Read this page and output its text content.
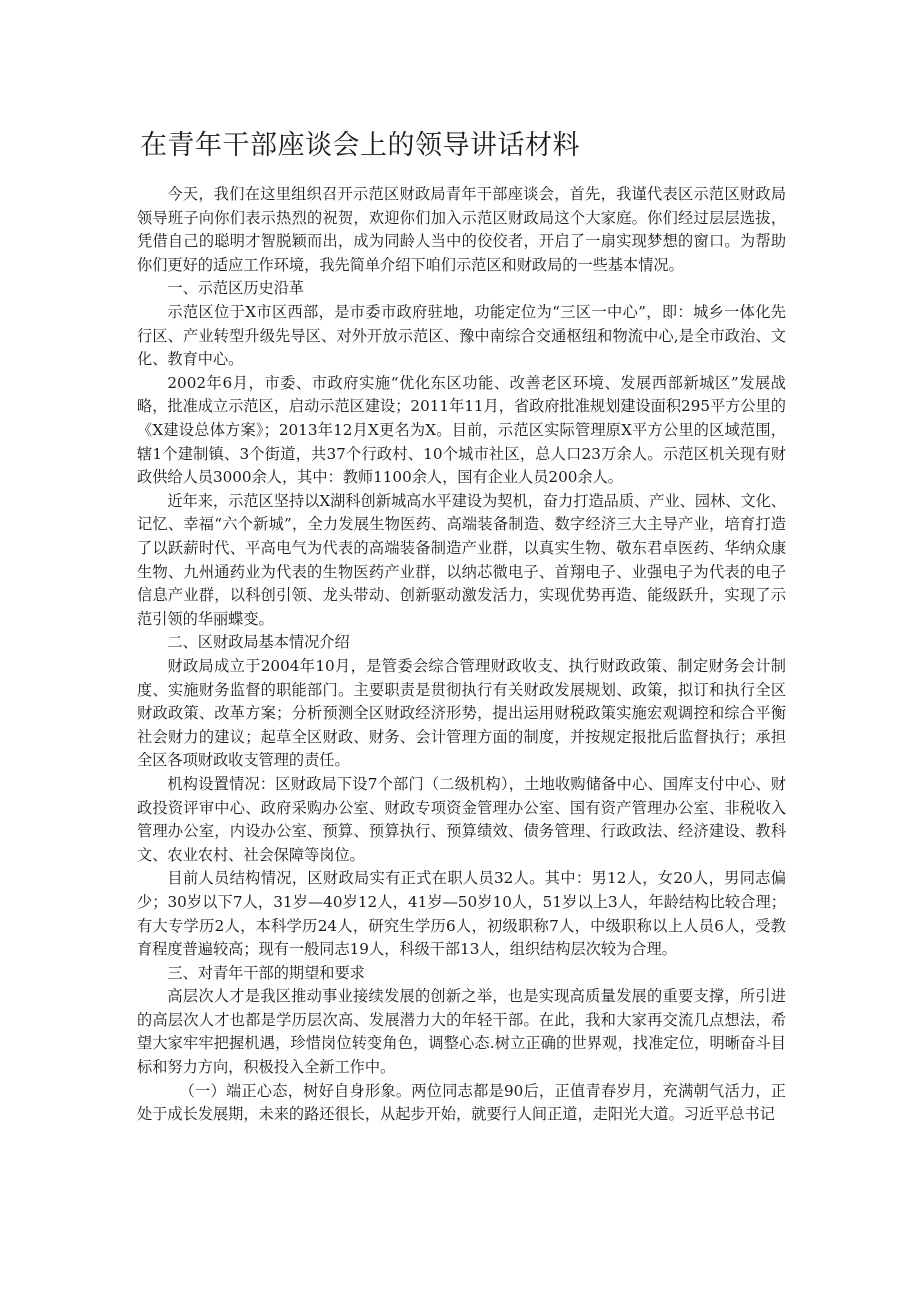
在青年干部座谈会上的领导讲话材料

今天，我们在这里组织召开示范区财政局青年干部座谈会，首先，我谨代表区示范区财政局领导班子向你们表示热烈的祝贺，欢迎你们加入示范区财政局这个大家庭。你们经过层层选拔，凭借自己的聪明才智脱颖而出，成为同龄人当中的佼佼者，开启了一扇实现梦想的窗口。为帮助你们更好的适应工作环境，我先简单介绍下咱们示范区和财政局的一些基本情况。

一、示范区历史沿革

示范区位于X市区西部，是市委市政府驻地，功能定位为“三区一中心”，即：城乡一体化先行区、产业转型升级先导区、对外开放示范区、豫中南综合交通枢纽和物流中心,是全市政治、文化、教育中心。

2002年6月，市委、市政府实施“优化东区功能、改善老区环境、发展西部新城区”发展战略，批准成立示范区，启动示范区建设；2011年11月，省政府批准规划建设面积295平方公里的《X建设总体方案》；2013年12月X更名为X。目前，示范区实际管理原X平方公里的区域范围，辖1个建制镇、3个街道，共37个行政村、10个城市社区，总人口23万余人。示范区机关现有财政供给人员3000余人，其中：教师1100余人，国有企业人员200余人。

近年来，示范区坚持以X湖科创新城高水平建设为契机，奋力打造品质、产业、园林、文化、记忆、幸福“六个新城”，全力发展生物医药、高端装备制造、数字经济三大主导产业，培育打造了以跃薪时代、平高电气为代表的高端装备制造产业群，以真实生物、敬东君卓医药、华纳众康生物、九州通药业为代表的生物医药产业群，以纳芯微电子、首翔电子、业强电子为代表的电子信息产业群，以科创引领、龙头带动、创新驱动激发活力，实现优势再造、能级跃升，实现了示范引领的华丽蝶变。

二、区财政局基本情况介绍

财政局成立于2004年10月，是管委会综合管理财政收支、执行财政政策、制定财务会计制度、实施财务监督的职能部门。主要职责是贯彻执行有关财政发展规划、政策，拟订和执行全区财政政策、改革方案；分析预测全区财政经济形势，提出运用财税政策实施宏观调控和综合平衡社会财力的建议；起草全区财政、财务、会计管理方面的制度，并按规定报批后监督执行；承担全区各项财政收支管理的责任。

机构设置情况：区财政局下设7个部门（二级机构），土地收购储备中心、国库支付中心、财政投资评审中心、政府采购办公室、财政专项资金管理办公室、国有资产管理办公室、非税收入管理办公室，内设办公室、预算、预算执行、预算绩效、债务管理、行政政法、经济建设、教科文、农业农村、社会保障等岗位。

目前人员结构情况，区财政局实有正式在职人员32人。其中：男12人，女20人，男同志偏少；30岁以下7人，31岁—40岁12人，41岁—50岁10人，51岁以上3人，年龄结构比较合理；有大专学历2人，本科学历24人，研究生学历6人，初级职称7人，中级职称以上人员6人，受教育程度普遍较高；现有一般同志19人，科级干部13人，组织结构层次较为合理。

三、对青年干部的期望和要求

高层次人才是我区推动事业接续发展的创新之举，也是实现高质量发展的重要支撑，所引进的高层次人才也都是学历层次高、发展潜力大的年轻干部。在此，我和大家再交流几点想法，希望大家牢牢把握机遇，珍惜岗位转变角色，调整心态.树立正确的世界观，找准定位，明晰奋斗目标和努力方向，积极投入全新工作中。

（一）端正心态，树好自身形象。两位同志都是90后，正值青春岁月，充满朝气活力，正处于成长发展期，未来的路还很长，从起步开始，就要行人间正道，走阳光大道。习近平总书记
